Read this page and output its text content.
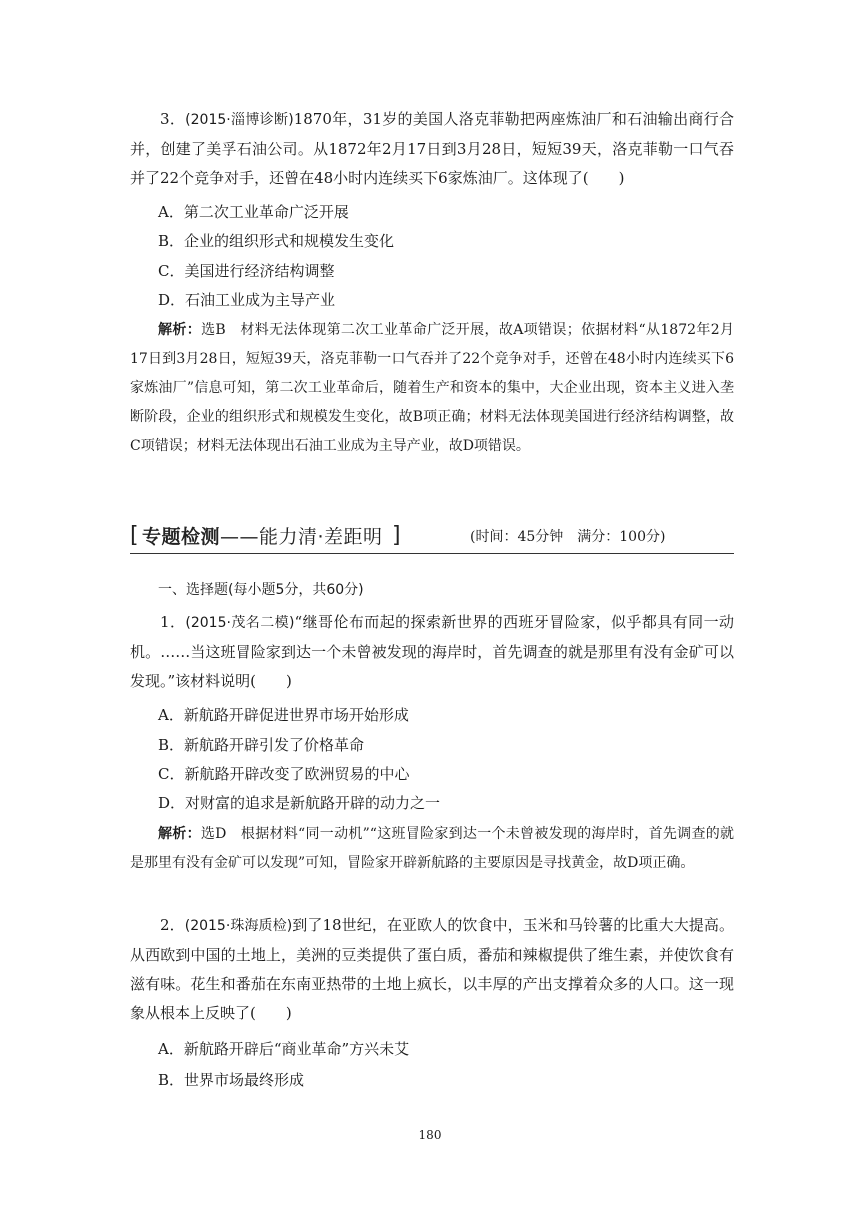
3．(2015·淄博诊断)1870年，31岁的美国人洛克菲勒把两座炼油厂和石油输出商行合并，创建了美孚石油公司。从1872年2月17日到3月28日，短短39天，洛克菲勒一口气吞并了22个竞争对手，还曾在48小时内连续买下6家炼油厂。这体现了(　　)

A．第二次工业革命广泛开展

B．企业的组织形式和规模发生变化

C．美国进行经济结构调整

D．石油工业成为主导产业

解析：选B　材料无法体现第二次工业革命广泛开展，故A项错误；依据材料“从1872年2月17日到3月28日，短短39天，洛克菲勒一口气吞并了22个竞争对手，还曾在48小时内连续买下6家炼油厂”信息可知，第二次工业革命后，随着生产和资本的集中，大企业出现，资本主义进入垄断阶段，企业的组织形式和规模发生变化，故B项正确；材料无法体现美国进行经济结构调整，故C项错误；材料无法体现出石油工业成为主导产业，故D项错误。

[ 专题检测——能力清·差距明 ]	(时间：45分钟　满分：100分)

一、选择题(每小题5分，共60分)

1．(2015·茂名二模)“继哥伦布而起的探索新世界的西班牙冒险家，似乎都具有同一动机。……当这班冒险家到达一个未曾被发现的海岸时，首先调查的就是那里有没有金矿可以发现。”该材料说明(　　)

A．新航路开辟促进世界市场开始形成

B．新航路开辟引发了价格革命

C．新航路开辟改变了欧洲贸易的中心

D．对财富的追求是新航路开辟的动力之一

解析：选D　根据材料“同一动机”“这班冒险家到达一个未曾被发现的海岸时，首先调查的就是那里有没有金矿可以发现”可知，冒险家开辟新航路的主要原因是寻找黄金，故D项正确。

2．(2015·珠海质检)到了18世纪，在亚欧人的饮食中，玉米和马铃薯的比重大大提高。从西欧到中国的土地上，美洲的豆类提供了蛋白质，番茄和辣椒提供了维生素，并使饮食有滋有味。花生和番茄在东南亚热带的土地上疯长，以丰厚的产出支撑着众多的人口。这一现象从根本上反映了(　　)

A．新航路开辟后“商业革命”方兴未艾

B．世界市场最终形成

180
